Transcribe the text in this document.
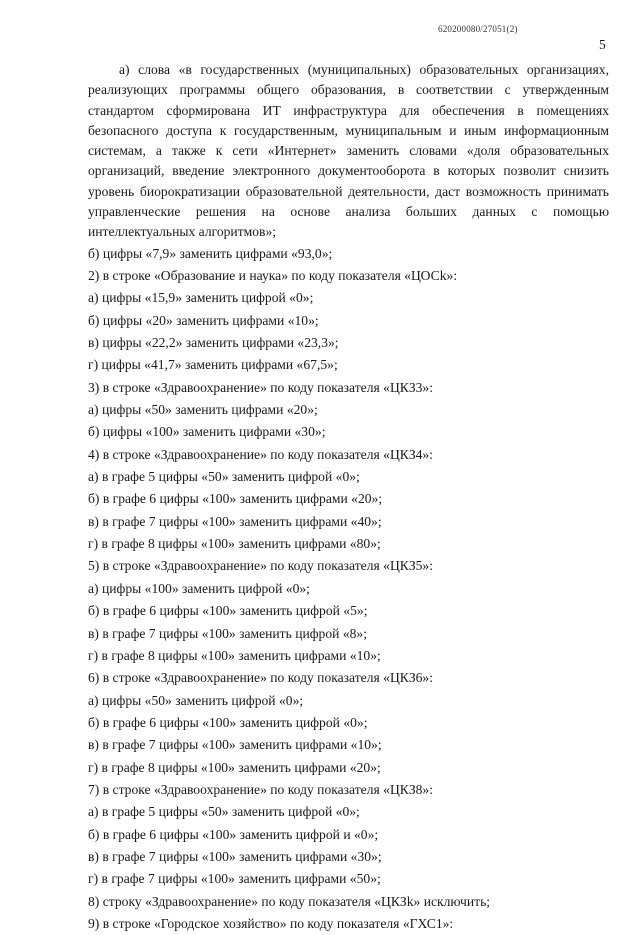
620200080/27051(2)
5

а) слова «в государственных (муниципальных) образовательных организациях, реализующих программы общего образования, в соответствии с утвержденным стандартом сформирована ИТ инфраструктура для обеспечения в помещениях безопасного доступа к государственным, муниципальным и иным информационным системам, а также к сети «Интернет» заменить словами «доля образовательных организаций, введение электронного документооборота в которых позволит снизить уровень биорократизации образовательной деятельности, даст возможность принимать управленческие решения на основе анализа больших данных с помощью интеллектуальных алгоритмов»;

б) цифры «7,9» заменить цифрами «93,0»;

2) в строке «Образование и наука» по коду показателя «ЦОСk»:

а) цифры «15,9» заменить цифрой «0»;

б) цифры «20» заменить цифрами «10»;

в) цифры «22,2» заменить цифрами «23,3»;

г) цифры «41,7» заменить цифрами «67,5»;

3) в строке «Здравоохранение» по коду показателя «ЦКЗ3»:

а) цифры «50» заменить цифрами «20»;

б) цифры «100» заменить цифрами «30»;

4) в строке «Здравоохранение» по коду показателя «ЦКЗ4»:

а) в графе 5 цифры «50» заменить цифрой «0»;

б) в графе 6 цифры «100» заменить цифрами «20»;

в) в графе 7 цифры «100» заменить цифрами «40»;

г) в графе 8 цифры «100» заменить цифрами «80»;

5) в строке «Здравоохранение» по коду показателя «ЦКЗ5»:

а) цифры «100» заменить цифрой «0»;

б) в графе 6 цифры «100» заменить цифрой «5»;

в) в графе 7 цифры «100» заменить цифрой «8»;

г) в графе 8 цифры «100» заменить цифрами «10»;

6) в строке «Здравоохранение» по коду показателя «ЦКЗ6»:

а) цифры «50» заменить цифрой «0»;

б) в графе 6 цифры «100» заменить цифрой «0»;

в) в графе 7 цифры «100» заменить цифрами «10»;

г) в графе 8 цифры «100» заменить цифрами «20»;

7) в строке «Здравоохранение» по коду показателя «ЦКЗ8»:

а) в графе 5 цифры «50» заменить цифрой «0»;

б) в графе 6 цифры «100» заменить цифрой и «0»;

в) в графе 7 цифры «100» заменить цифрами «30»;

г) в графе 7 цифры «100» заменить цифрами «50»;

8) строку «Здравоохранение» по коду показателя «ЦКЗk» исключить;

9) в строке «Городское хозяйство» по коду показателя «ГХС1»:
